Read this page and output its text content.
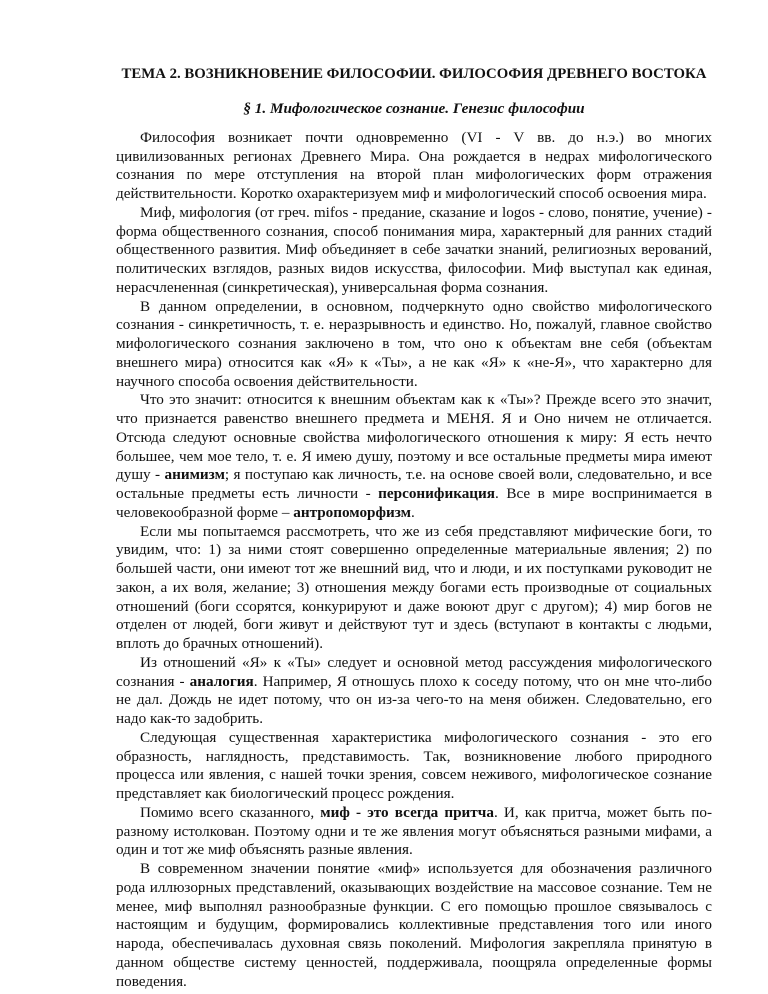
ТЕМА 2. ВОЗНИКНОВЕНИЕ ФИЛОСОФИИ. ФИЛОСОФИЯ ДРЕВНЕГО ВОСТОКА
§ 1. Мифологическое сознание. Генезис философии

Философия возникает почти одновременно (VI - V вв. до н.э.) во многих цивилизованных регионах Древнего Мира. Она рождается в недрах мифологического сознания по мере отступления на второй план мифологических форм отражения действительности. Коротко охарактеризуем миф и мифологический способ освоения мира.

Миф, мифология (от греч. mifos - предание, сказание и logos - слово, понятие, учение) - форма общественного сознания, способ понимания мира, характерный для ранних стадий общественного развития. Миф объединяет в себе зачатки знаний, религиозных верований, политических взглядов, разных видов искусства, философии. Миф выступал как единая, нерасчлененная (синкретическая), универсальная форма сознания.

В данном определении, в основном, подчеркнуто одно свойство мифологического сознания - синкретичность, т. е. неразрывность и единство. Но, пожалуй, главное свойство мифологического сознания заключено в том, что оно к объектам вне себя (объектам внешнего мира) относится как «Я» к «Ты», а не как «Я» к «не-Я», что характерно для научного способа освоения действительности.

Что это значит: относится к внешним объектам как к «Ты»? Прежде всего это значит, что признается равенство внешнего предмета и МЕНЯ. Я и Оно ничем не отличается. Отсюда следуют основные свойства мифологического отношения к миру: Я есть нечто большее, чем мое тело, т. е. Я имею душу, поэтому и все остальные предметы мира имеют душу - анимизм; я поступаю как личность, т.е. на основе своей воли, следовательно, и все остальные предметы есть личности - персонификация. Все в мире воспринимается в человекообразной форме – антропоморфизм.

Если мы попытаемся рассмотреть, что же из себя представляют мифические боги, то увидим, что: 1) за ними стоят совершенно определенные материальные явления; 2) по большей части, они имеют тот же внешний вид, что и люди, и их поступками руководит не закон, а их воля, желание; 3) отношения между богами есть производные от социальных отношений (боги ссорятся, конкурируют и даже воюют друг с другом); 4) мир богов не отделен от людей, боги живут и действуют тут и здесь (вступают в контакты с людьми, вплоть до брачных отношений).

Из отношений «Я» к «Ты» следует и основной метод рассуждения мифологического сознания - аналогия. Например, Я отношусь плохо к соседу потому, что он мне что-либо не дал. Дождь не идет потому, что он из-за чего-то на меня обижен. Следовательно, его надо как-то задобрить.

Следующая существенная характеристика мифологического сознания - это его образность, наглядность, представимость. Так, возникновение любого природного процесса или явления, с нашей точки зрения, совсем неживого, мифологическое сознание представляет как биологический процесс рождения.

Помимо всего сказанного, миф - это всегда притча. И, как притча, может быть по-разному истолкован. Поэтому одни и те же явления могут объясняться разными мифами, а один и тот же миф объяснять разные явления.

В современном значении понятие «миф» используется для обозначения различного рода иллюзорных представлений, оказывающих воздействие на массовое сознание. Тем не менее, миф выполнял разнообразные функции. С его помощью прошлое связывалось с настоящим и будущим, формировались коллективные представления того или иного народа, обеспечивалась духовная связь поколений. Мифология закрепляла принятую в данном обществе систему ценностей, поддерживала, поощряла определенные формы поведения.
